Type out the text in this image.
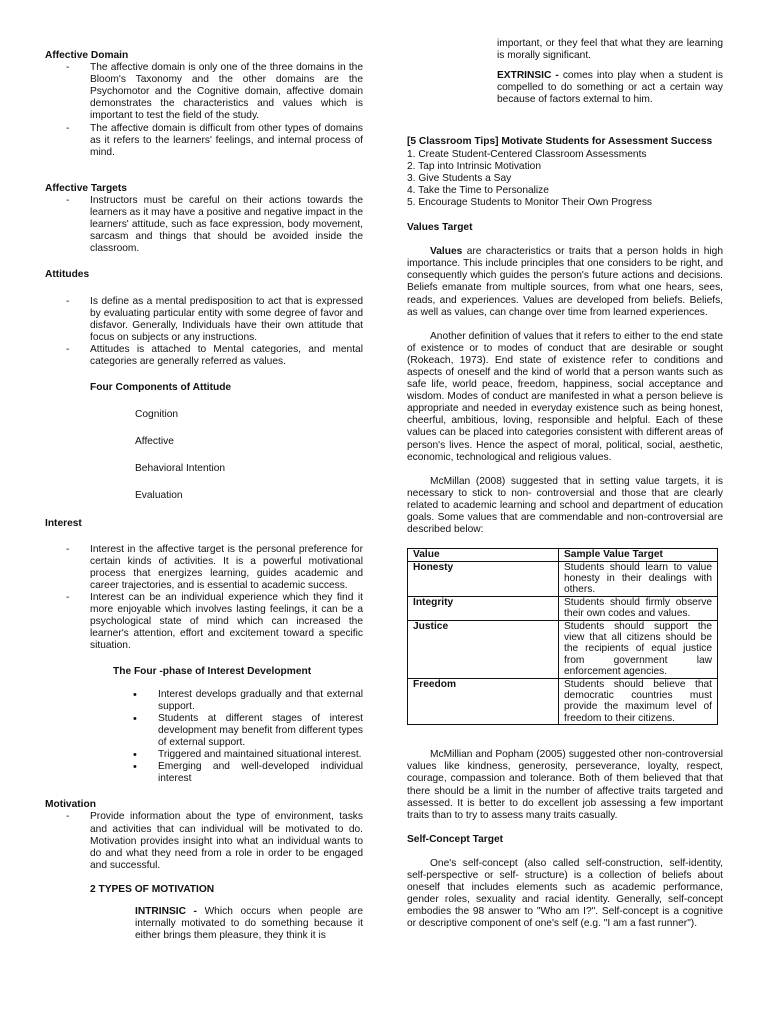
Affective Domain
- The affective domain is only one of the three domains in the Bloom's Taxonomy and the other domains are the Psychomotor and the Cognitive domain, affective domain demonstrates the characteristics and values which is important to test the field of the study.
- The affective domain is difficult from other types of domains as it refers to the learners' feelings, and internal process of mind.
Affective Targets
- Instructors must be careful on their actions towards the learners as it may have a positive and negative impact in the learners' attitude, such as face expression, body movement, sarcasm and things that should be avoided inside the classroom.
Attitudes
- Is define as a mental predisposition to act that is expressed by evaluating particular entity with some degree of favor and disfavor. Generally, Individuals have their own attitude that focus on subjects or any instructions.
- Attitudes is attached to Mental categories, and mental categories are generally referred as values.
Four Components of Attitude
Cognition
Affective
Behavioral Intention
Evaluation
Interest
- Interest in the affective target is the personal preference for certain kinds of activities. It is a powerful motivational process that energizes learning, guides academic and career trajectories, and is essential to academic success.
- Interest can be an individual experience which they find it more enjoyable which involves lasting feelings, it can be a psychological state of mind which can increased the learner's attention, effort and excitement toward a specific situation.
The Four -phase of Interest Development
• Interest develops gradually and that external support.
• Students at different stages of interest development may benefit from different types of external support.
• Triggered and maintained situational interest.
• Emerging and well-developed individual interest
Motivation
- Provide information about the type of environment, tasks and activities that can individual will be motivated to do. Motivation provides insight into what an individual wants to do and what they need from a role in order to be engaged and successful.
2 TYPES OF MOTIVATION
INTRINSIC - Which occurs when people are internally motivated to do something because it either brings them pleasure, they think it is
important, or they feel that what they are learning is morally significant.
EXTRINSIC - comes into play when a student is compelled to do something or act a certain way because of factors external to him.
[5 Classroom Tips] Motivate Students for Assessment Success
1. Create Student-Centered Classroom Assessments
2. Tap into Intrinsic Motivation
3. Give Students a Say
4. Take the Time to Personalize
5. Encourage Students to Monitor Their Own Progress
Values Target
Values are characteristics or traits that a person holds in high importance. This include principles that one considers to be right, and consequently which guides the person's future actions and decisions. Beliefs emanate from multiple sources, from what one hears, sees, reads, and experiences. Values are developed from beliefs. Beliefs, as well as values, can change over time from learned experiences.
Another definition of values that it refers to either to the end state of existence or to modes of conduct that are desirable or sought (Rokeach, 1973). End state of existence refer to conditions and aspects of oneself and the kind of world that a person wants such as safe life, world peace, freedom, happiness, social acceptance and wisdom. Modes of conduct are manifested in what a person believe is appropriate and needed in everyday existence such as being honest, cheerful, ambitious, loving, responsible and helpful. Each of these values can be placed into categories consistent with different areas of person's lives. Hence the aspect of moral, political, social, aesthetic, economic, technological and religious values.
McMillan (2008) suggested that in setting value targets, it is necessary to stick to non- controversial and those that are clearly related to academic learning and school and department of education goals. Some values that are commendable and non-controversial are described below:
Value	Sample Value Target
Honesty	Students should learn to value honesty in their dealings with others.
Integrity	Students should firmly observe their own codes and values.
Justice	Students should support the view that all citizens should be the recipients of equal justice from government law enforcement agencies.
Freedom	Students should believe that democratic countries must provide the maximum level of freedom to their citizens.
McMillian and Popham (2005) suggested other non-controversial values like kindness, generosity, perseverance, loyalty, respect, courage, compassion and tolerance. Both of them believed that that there should be a limit in the number of affective traits targeted and assessed. It is better to do excellent job assessing a few important traits than to try to assess many traits casually.
Self-Concept Target
One's self-concept (also called self-construction, self-identity, self-perspective or self- structure) is a collection of beliefs about oneself that includes elements such as academic performance, gender roles, sexuality and racial identity. Generally, self-concept embodies the 98 answer to "Who am I?". Self-concept is a cognitive or descriptive component of one's self (e.g. "I am a fast runner").
